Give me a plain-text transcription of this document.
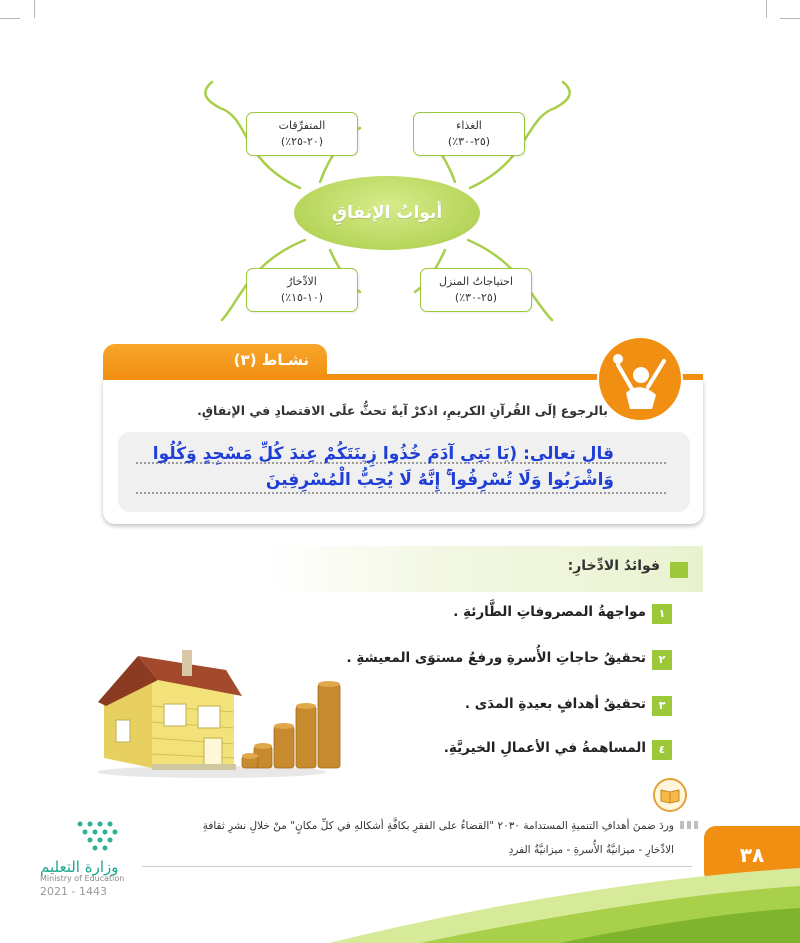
الغذاء
(٢٥-٣٠٪)
المتفرِّقات
(٢٠-٢٥٪)
أبوابُ الإنفاقِ
احتياجاتُ المنزل
(٢٥-٣٠٪)
الادِّخارُ
(١٠-١٥٪)
نشـاط (٣)
بالرجوع إلَى القُرآنِ الكريمِ، اذكرْ آيةً تحثُّ علَى الاقتصادِ في الإنفاقِ.
قال تعالى: (يَا بَنِي آدَمَ خُذُوا زِينَتَكُمْ عِندَ كُلِّ مَسْجِدٍ وَكُلُوا
وَاشْرَبُوا وَلَا تُسْرِفُوا ۚ إِنَّهُ لَا يُحِبُّ الْمُسْرِفِينَ
فوائدُ الادِّخارِ:
١
مواجهةُ المصروفاتِ الطَّارئةِ .
٢
تحقيقُ حاجاتِ الأُسرةِ ورفعُ مستوَى المعيشةِ .
٣
تحقيقُ أهدافٍ بعيدةِ المدَى .
٤
المساهمةُ في الأعمالِ الخيريَّةِ.
وردَ ضمنَ أهدافِ التنميةِ المستدامة ٢٠٣٠ "القضاءُ على الفقرِ بكافَّةِ أشكالهِ في كلِّ مكانٍ" منْ خلالِ نشرِ ثقافةِ
الادِّخارِ - ميزانيَّةُ الأُسرةِ - ميزانيَّةُ الفردِ	٣٨
وزارة التعليم
Ministry of Education
2021 - 1443
